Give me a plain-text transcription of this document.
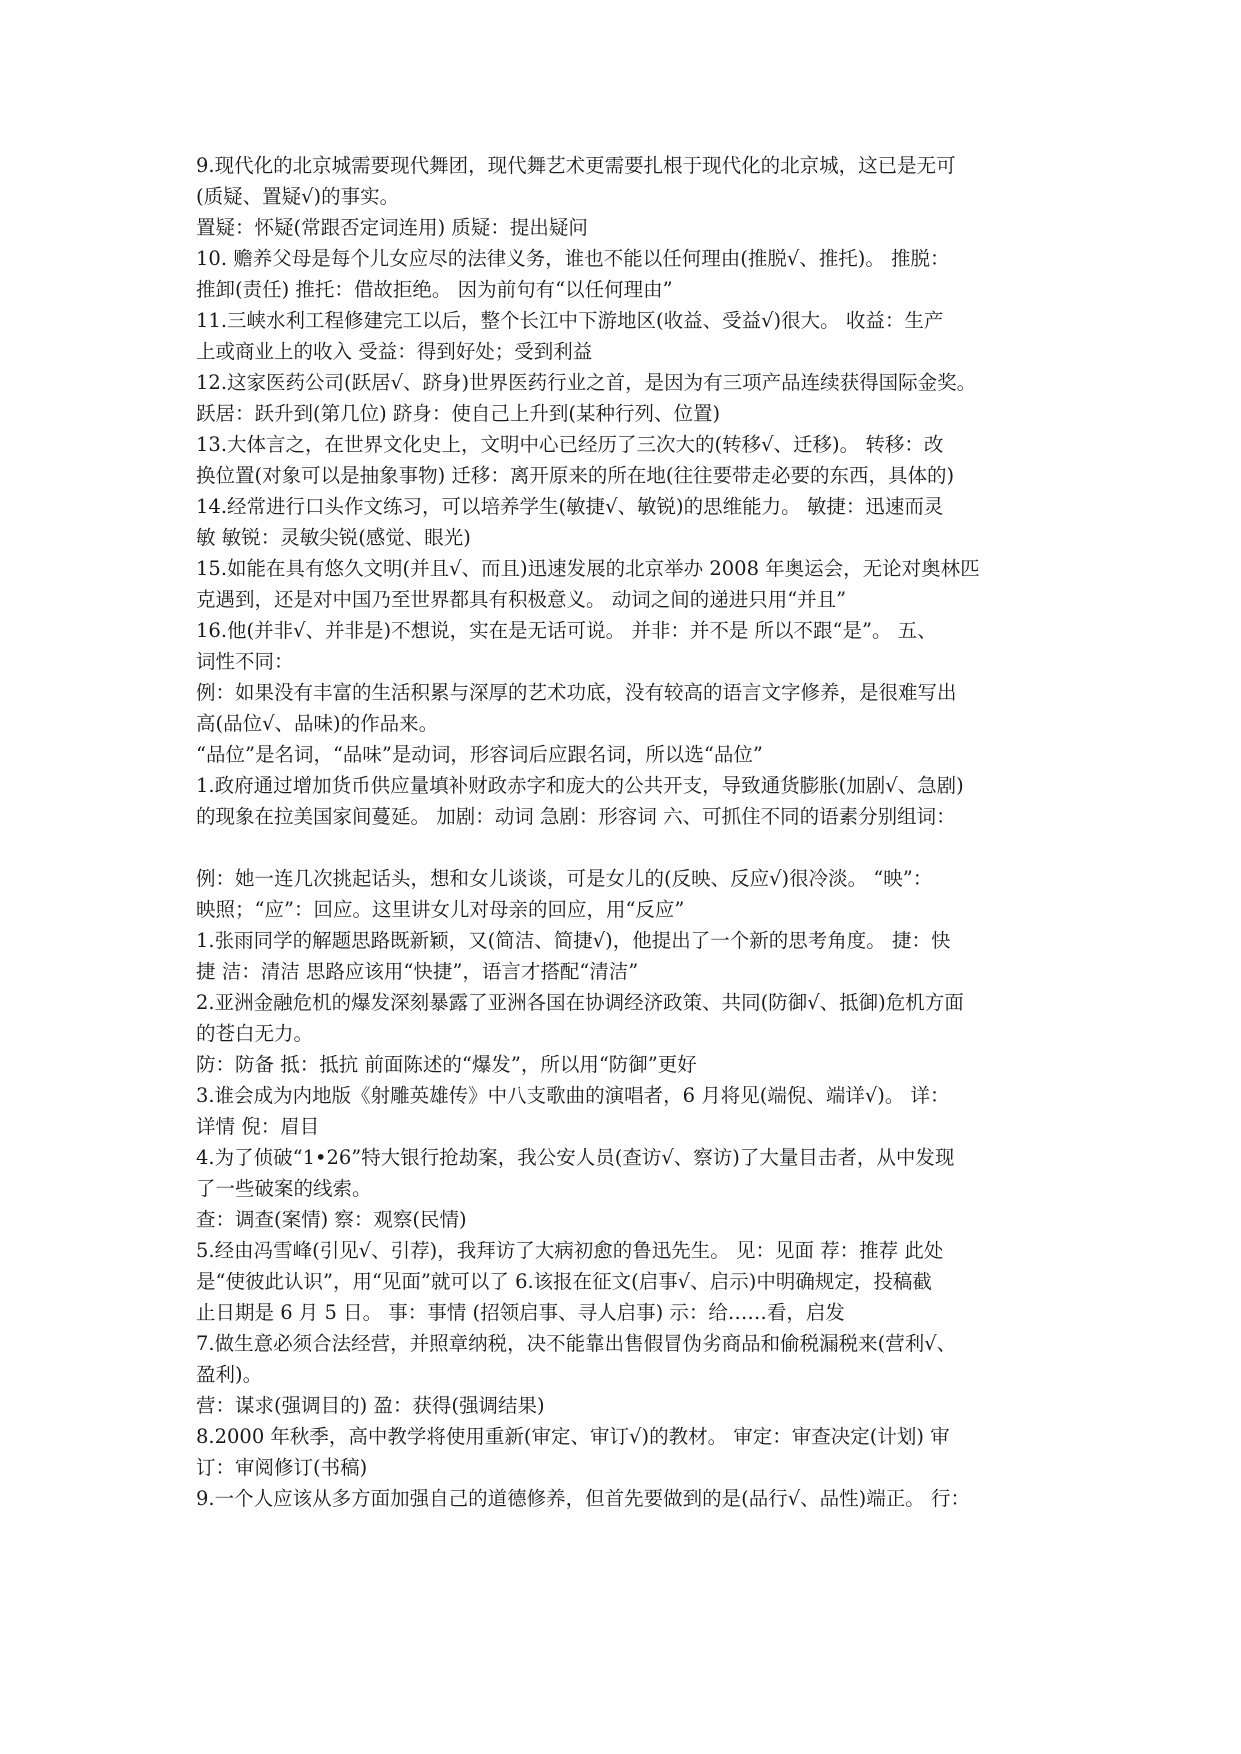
9.现代化的北京城需要现代舞团，现代舞艺术更需要扎根于现代化的北京城，这已是无可
(质疑、置疑√)的事实。
置疑：怀疑(常跟否定词连用) 质疑：提出疑问
10. 赡养父母是每个儿女应尽的法律义务，谁也不能以任何理由(推脱√、推托)。 推脱：
推卸(责任) 推托：借故拒绝。 因为前句有“以任何理由”
11.三峡水利工程修建完工以后，整个长江中下游地区(收益、受益√)很大。 收益：生产
上或商业上的收入 受益：得到好处；受到利益
12.这家医药公司(跃居√、跻身)世界医药行业之首，是因为有三项产品连续获得国际金奖。
跃居：跃升到(第几位) 跻身：使自己上升到(某种行列、位置)
13.大体言之，在世界文化史上，文明中心已经历了三次大的(转移√、迁移)。 转移：改
换位置(对象可以是抽象事物) 迁移：离开原来的所在地(往往要带走必要的东西，具体的)
14.经常进行口头作文练习，可以培养学生(敏捷√、敏锐)的思维能力。 敏捷：迅速而灵
敏 敏锐：灵敏尖锐(感觉、眼光)
15.如能在具有悠久文明(并且√、而且)迅速发展的北京举办 2008 年奥运会，无论对奥林匹
克遇到，还是对中国乃至世界都具有积极意义。 动词之间的递进只用“并且”
16.他(并非√、并非是)不想说，实在是无话可说。 并非：并不是 所以不跟“是”。 五、
词性不同：
例：如果没有丰富的生活积累与深厚的艺术功底，没有较高的语言文字修养，是很难写出
高(品位√、品味)的作品来。
“品位”是名词，“品味”是动词，形容词后应跟名词，所以选“品位”
1.政府通过增加货币供应量填补财政赤字和庞大的公共开支，导致通货膨胀(加剧√、急剧)
的现象在拉美国家间蔓延。 加剧：动词 急剧：形容词 六、可抓住不同的语素分别组词：
例：她一连几次挑起话头，想和女儿谈谈，可是女儿的(反映、反应√)很冷淡。 “映”：
映照；“应”：回应。这里讲女儿对母亲的回应，用“反应”
1.张雨同学的解题思路既新颖，又(简洁、简捷√)，他提出了一个新的思考角度。 捷：快
捷 洁：清洁 思路应该用“快捷”，语言才搭配“清洁”
2.亚洲金融危机的爆发深刻暴露了亚洲各国在协调经济政策、共同(防御√、抵御)危机方面
的苍白无力。
防：防备 抵：抵抗 前面陈述的“爆发”，所以用“防御”更好
3.谁会成为内地版《射雕英雄传》中八支歌曲的演唱者，6 月将见(端倪、端详√)。 详：
详情 倪：眉目
4.为了侦破“1•26”特大银行抢劫案，我公安人员(查访√、察访)了大量目击者，从中发现
了一些破案的线索。
查：调查(案情) 察：观察(民情)
5.经由冯雪峰(引见√、引荐)，我拜访了大病初愈的鲁迅先生。 见：见面 荐：推荐 此处
是“使彼此认识”，用“见面”就可以了 6.该报在征文(启事√、启示)中明确规定，投稿截
止日期是 6 月 5 日。 事：事情 (招领启事、寻人启事) 示：给……看，启发
7.做生意必须合法经营，并照章纳税，决不能靠出售假冒伪劣商品和偷税漏税来(营利√、
盈利)。
营：谋求(强调目的) 盈：获得(强调结果)
8.2000 年秋季，高中教学将使用重新(审定、审订√)的教材。 审定：审查决定(计划) 审
订：审阅修订(书稿)
9.一个人应该从多方面加强自己的道德修养，但首先要做到的是(品行√、品性)端正。 行：
